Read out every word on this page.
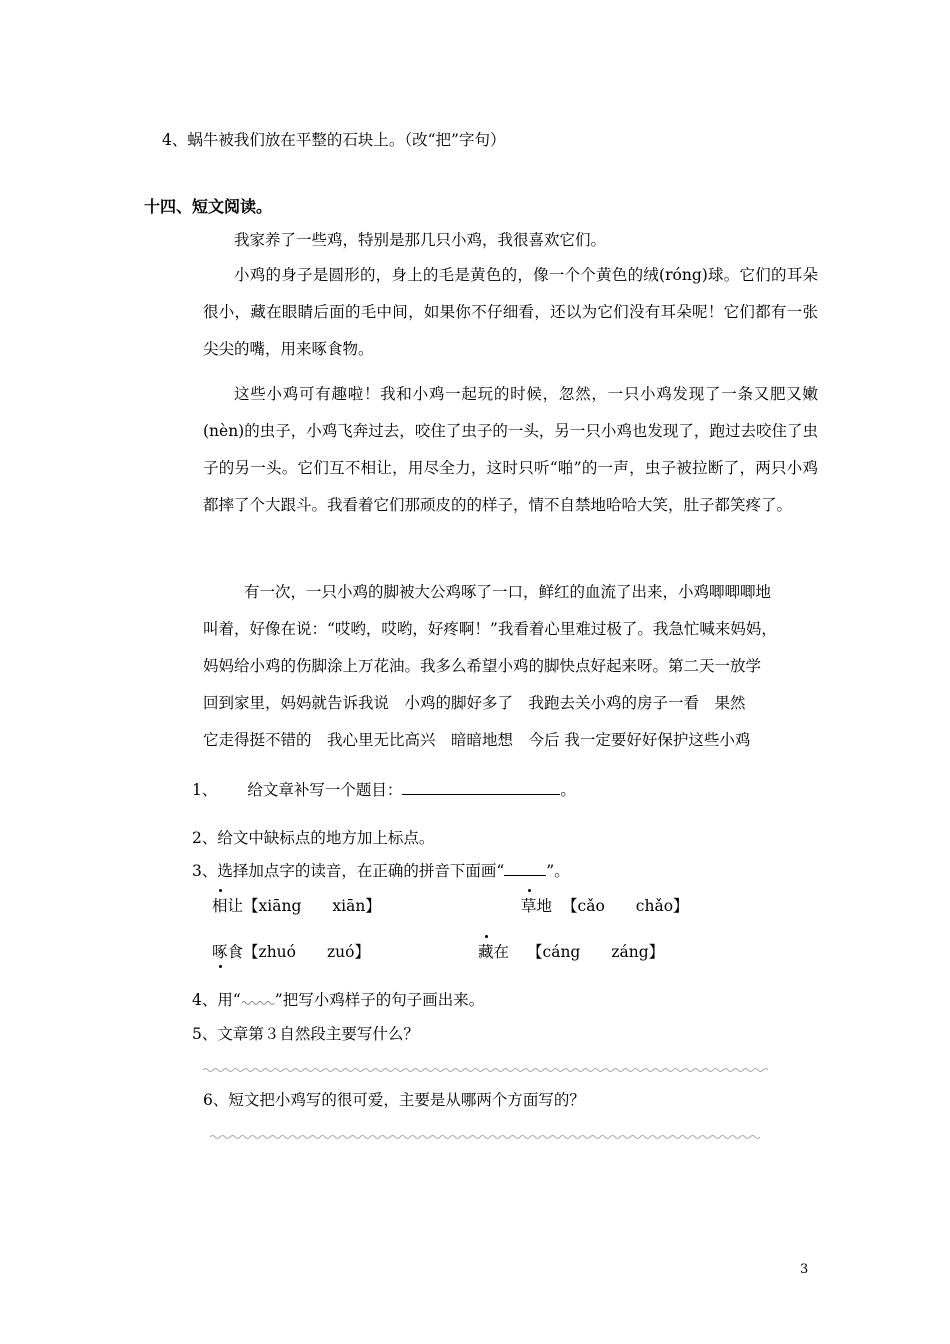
4、蜗牛被我们放在平整的石块上。（改“把”字句）
十四、短文阅读。
我家养了一些鸡，特别是那几只小鸡，我很喜欢它们。

小鸡的身子是圆形的，身上的毛是黄色的，像一个个黄色的绒(róng)球。它们的耳朵很小，藏在眼睛后面的毛中间，如果你不仔细看，还以为它们没有耳朵呢！它们都有一张尖尖的嘴，用来啄食物。

这些小鸡可有趣啦！我和小鸡一起玩的时候，忽然，一只小鸡发现了一条又肥又嫩(nèn)的虫子，小鸡飞奔过去，咬住了虫子的一头，另一只小鸡也发现了，跑过去咬住了虫子的另一头。它们互不相让，用尽全力，这时只听“啪”的一声，虫子被拉断了，两只小鸡都摔了个大跟斗。我看着它们那顽皮的的样子，情不自禁地哈哈大笑，肚子都笑疼了。

有一次，一只小鸡的脚被大公鸡啄了一口，鲜红的血流了出来，小鸡唧唧唧地
叫着，好像在说：“哎哟，哎哟，好疼啊！”我看着心里难过极了。我急忙喊来妈妈，
妈妈给小鸡的伤脚涂上万花油。我多么希望小鸡的脚快点好起来呀。第二天一放学
回到家里，妈妈就告诉我说　小鸡的脚好多了　我跑去关小鸡的房子一看　果然
它走得挺不错的　我心里无比高兴　暗暗地想　今后 我一定要好好保护这些小鸡
1、 给文章补写一个题目：	。
2、给文中缺标点的地方加上标点。
3、选择加点字的读音，在正确的拼音下面画“	”。
相让【xiāng　　xiān】	草地 【cǎo　　chǎo】
啄食【zhuó　　zuó】	藏在 【cáng　　záng】
4、用“ ”把写小鸡样子的句子画出来。
5、文章第３自然段主要写什么？
6、短文把小鸡写的很可爱，主要是从哪两个方面写的？
3
